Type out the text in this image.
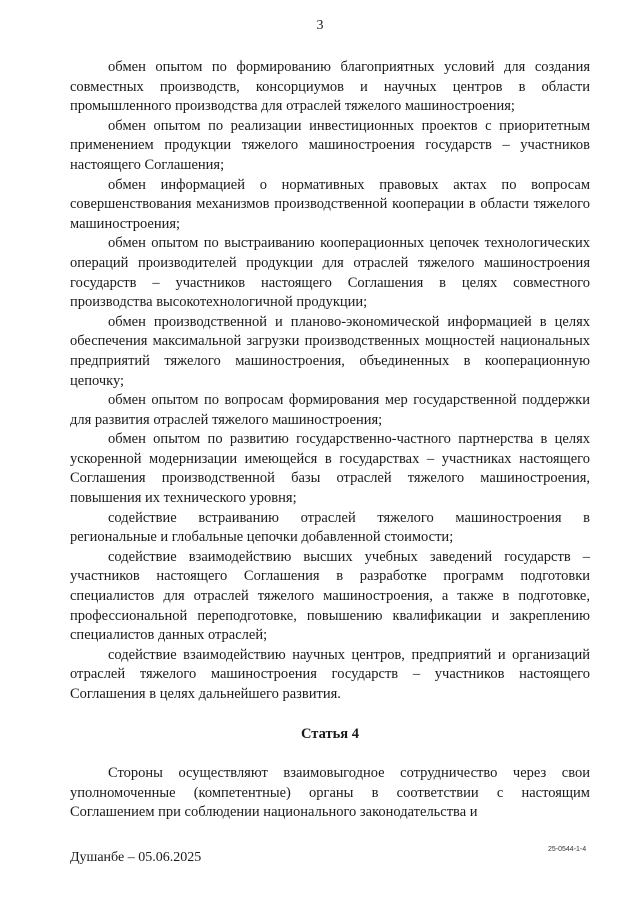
3

обмен опытом по формированию благоприятных условий для создания совместных производств, консорциумов и научных центров в области промышленного производства для отраслей тяжелого машиностроения;

обмен опытом по реализации инвестиционных проектов с приоритетным применением продукции тяжелого машиностроения государств – участников настоящего Соглашения;

обмен информацией о нормативных правовых актах по вопросам совершенствования механизмов производственной кооперации в области тяжелого машиностроения;

обмен опытом по выстраиванию кооперационных цепочек технологических операций производителей продукции для отраслей тяжелого машиностроения государств – участников настоящего Соглашения в целях совместного производства высокотехнологичной продукции;

обмен производственной и планово-экономической информацией в целях обеспечения максимальной загрузки производственных мощностей национальных предприятий тяжелого машиностроения, объединенных в кооперационную цепочку;

обмен опытом по вопросам формирования мер государственной поддержки для развития отраслей тяжелого машиностроения;

обмен опытом по развитию государственно-частного партнерства в целях ускоренной модернизации имеющейся в государствах – участниках настоящего Соглашения производственной базы отраслей тяжелого машиностроения, повышения их технического уровня;

содействие встраиванию отраслей тяжелого машиностроения в региональные и глобальные цепочки добавленной стоимости;

содействие взаимодействию высших учебных заведений государств – участников настоящего Соглашения в разработке программ подготовки специалистов для отраслей тяжелого машиностроения, а также в подготовке, профессиональной переподготовке, повышению квалификации и закреплению специалистов данных отраслей;

содействие взаимодействию научных центров, предприятий и организаций отраслей тяжелого машиностроения государств – участников настоящего Соглашения в целях дальнейшего развития.

Статья 4

Стороны осуществляют взаимовыгодное сотрудничество через свои уполномоченные (компетентные) органы в соответствии с настоящим Соглашением при соблюдении национального законодательства и

Душанбе – 05.06.2025
25-0544-1-4
